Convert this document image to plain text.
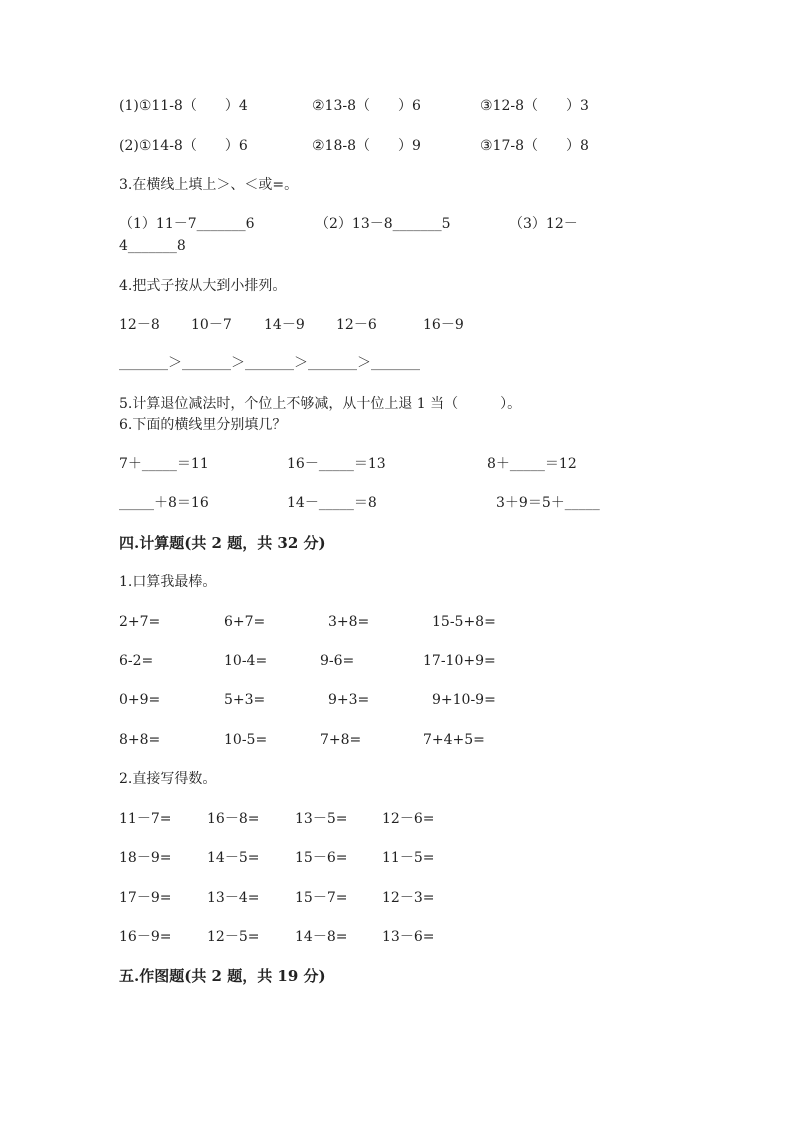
(1)①11-8（　　）4	②13-8（　　）6	③12-8（　　）3
(2)①14-8（　　）6	②18-8（　　）9	③17-8（　　）8
3.在横线上填上＞、＜或=。
（1）11－7_______6	（2）13－8_______5	（3）12－
4_______8
4.把式子按从大到小排列。
12－8 10－7 14－9 12－6	16－9
_______＞_______＞_______＞_______＞_______
5.计算退位减法时，个位上不够减，从十位上退 1 当（　　　）。
6.下面的横线里分别填几？
7＋_____＝11	16－_____＝13	8＋_____＝12
_____＋8＝16	14－_____＝8	3＋9＝5＋_____
四.计算题(共 2 题，共 32 分)
1.口算我最棒。
2+7=	6+7=	3+8=	15-5+8=
6-2=	10-4=	9-6=	17-10+9=
0+9=	5+3=	9+3=	9+10-9=
8+8=	10-5=	7+8=	7+4+5=
2.直接写得数。
11－7=	16－8=	13－5= 12－6=
18－9=	14－5=	15－6= 11－5=
17－9=	13－4=	15－7= 12－3=
16－9=	12－5=	14－8= 13－6=
五.作图题(共 2 题，共 19 分)
